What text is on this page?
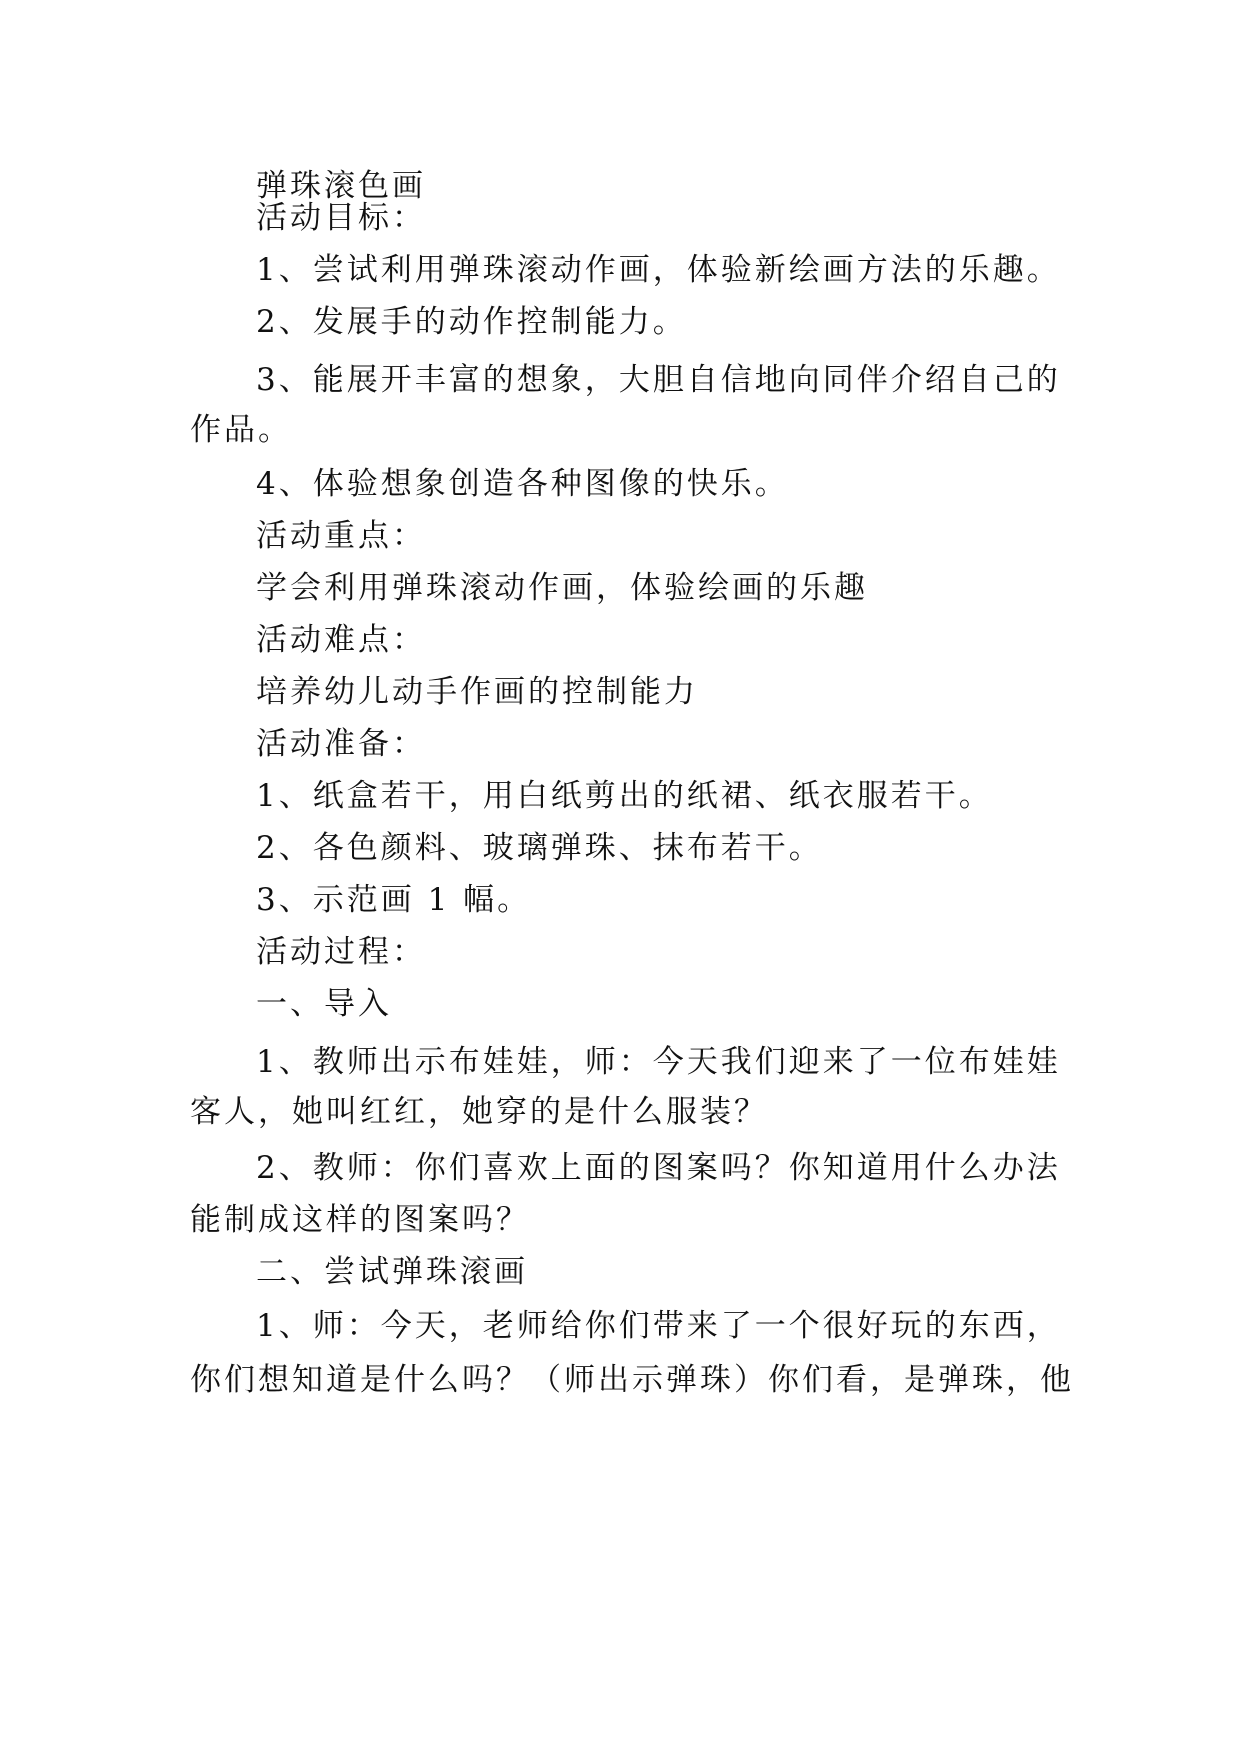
弹珠滚色画
活动目标：
1、尝试利用弹珠滚动作画，体验新绘画方法的乐趣。
2、发展手的动作控制能力。
3、能展开丰富的想象，大胆自信地向同伴介绍自己的
作品。
4、体验想象创造各种图像的快乐。
活动重点：
学会利用弹珠滚动作画，体验绘画的乐趣
活动难点：
培养幼儿动手作画的控制能力
活动准备：
1、纸盒若干，用白纸剪出的纸裙、纸衣服若干。
2、各色颜料、玻璃弹珠、抹布若干。
3、示范画 1 幅。
活动过程：
一、导入
1、教师出示布娃娃，师：今天我们迎来了一位布娃娃
客人，她叫红红，她穿的是什么服装？
2、教师：你们喜欢上面的图案吗？你知道用什么办法
能制成这样的图案吗？
二、尝试弹珠滚画
1、师：今天，老师给你们带来了一个很好玩的东西，
你们想知道是什么吗？（师出示弹珠）你们看，是弹珠，他
